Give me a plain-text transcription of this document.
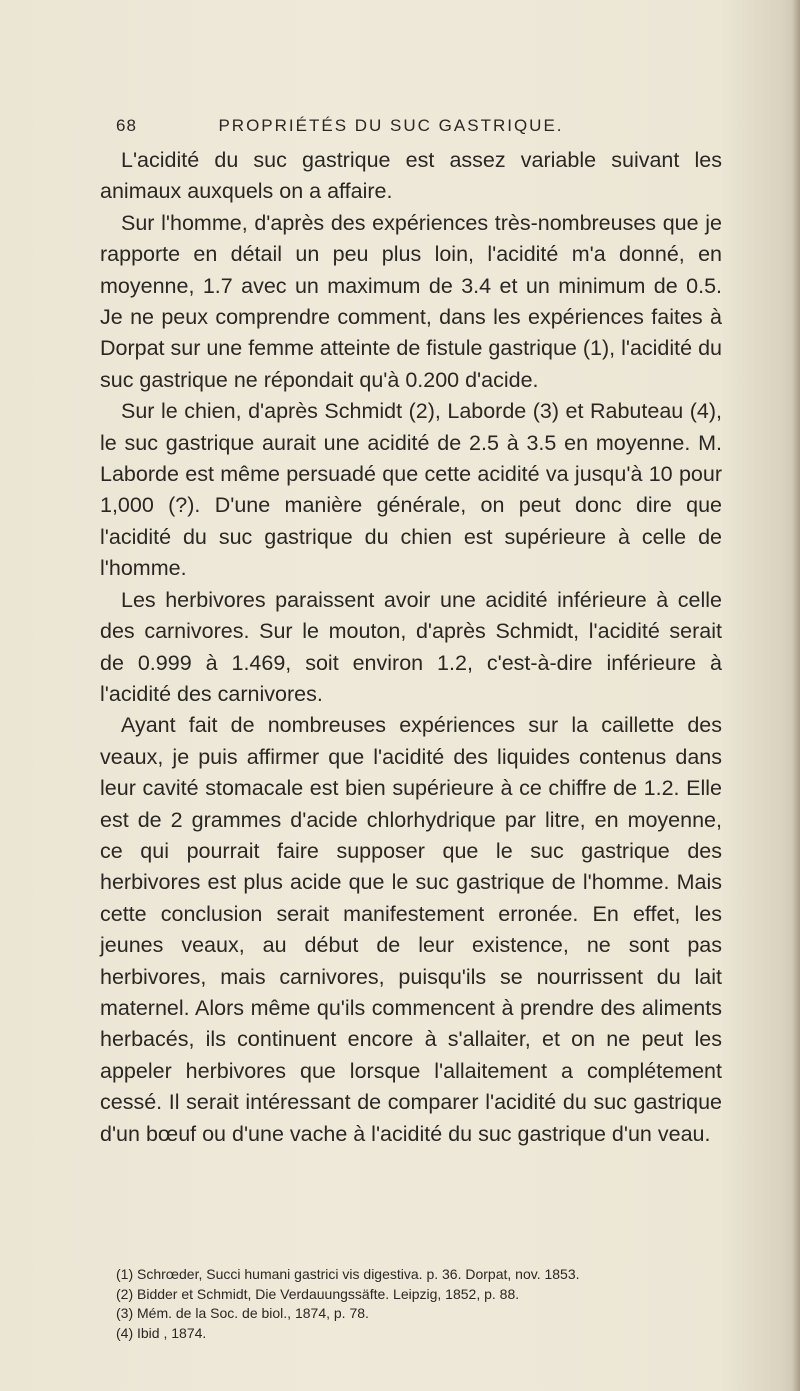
68	PROPRIÉTÉS DU SUC GASTRIQUE.

L'acidité du suc gastrique est assez variable suivant les animaux auxquels on a affaire.

Sur l'homme, d'après des expériences très-nombreuses que je rapporte en détail un peu plus loin, l'acidité m'a donné, en moyenne, 1.7 avec un maximum de 3.4 et un minimum de 0.5. Je ne peux comprendre comment, dans les expériences faites à Dorpat sur une femme atteinte de fistule gastrique (1), l'acidité du suc gastrique ne répondait qu'à 0.200 d'acide.

Sur le chien, d'après Schmidt (2), Laborde (3) et Rabuteau (4), le suc gastrique aurait une acidité de 2.5 à 3.5 en moyenne. M. Laborde est même persuadé que cette acidité va jusqu'à 10 pour 1,000 (?). D'une manière générale, on peut donc dire que l'acidité du suc gastrique du chien est supérieure à celle de l'homme.

Les herbivores paraissent avoir une acidité inférieure à celle des carnivores. Sur le mouton, d'après Schmidt, l'acidité serait de 0.999 à 1.469, soit environ 1.2, c'est-à-dire inférieure à l'acidité des carnivores.

Ayant fait de nombreuses expériences sur la caillette des veaux, je puis affirmer que l'acidité des liquides contenus dans leur cavité stomacale est bien supérieure à ce chiffre de 1.2. Elle est de 2 grammes d'acide chlorhydrique par litre, en moyenne, ce qui pourrait faire supposer que le suc gastrique des herbivores est plus acide que le suc gastrique de l'homme. Mais cette conclusion serait manifestement erronée. En effet, les jeunes veaux, au début de leur existence, ne sont pas herbivores, mais carnivores, puisqu'ils se nourrissent du lait maternel. Alors même qu'ils commencent à prendre des aliments herbacés, ils continuent encore à s'allaiter, et on ne peut les appeler herbivores que lorsque l'allaitement a complétement cessé. Il serait intéressant de comparer l'acidité du suc gastrique d'un bœuf ou d'une vache à l'acidité du suc gastrique d'un veau.

(1) Schrœder, Succi humani gastrici vis digestiva. p. 36. Dorpat, nov. 1853.

(2) Bidder et Schmidt, Die Verdauungssäfte. Leipzig, 1852, p. 88.

(3) Mém. de la Soc. de biol., 1874, p. 78.

(4) Ibid , 1874.
